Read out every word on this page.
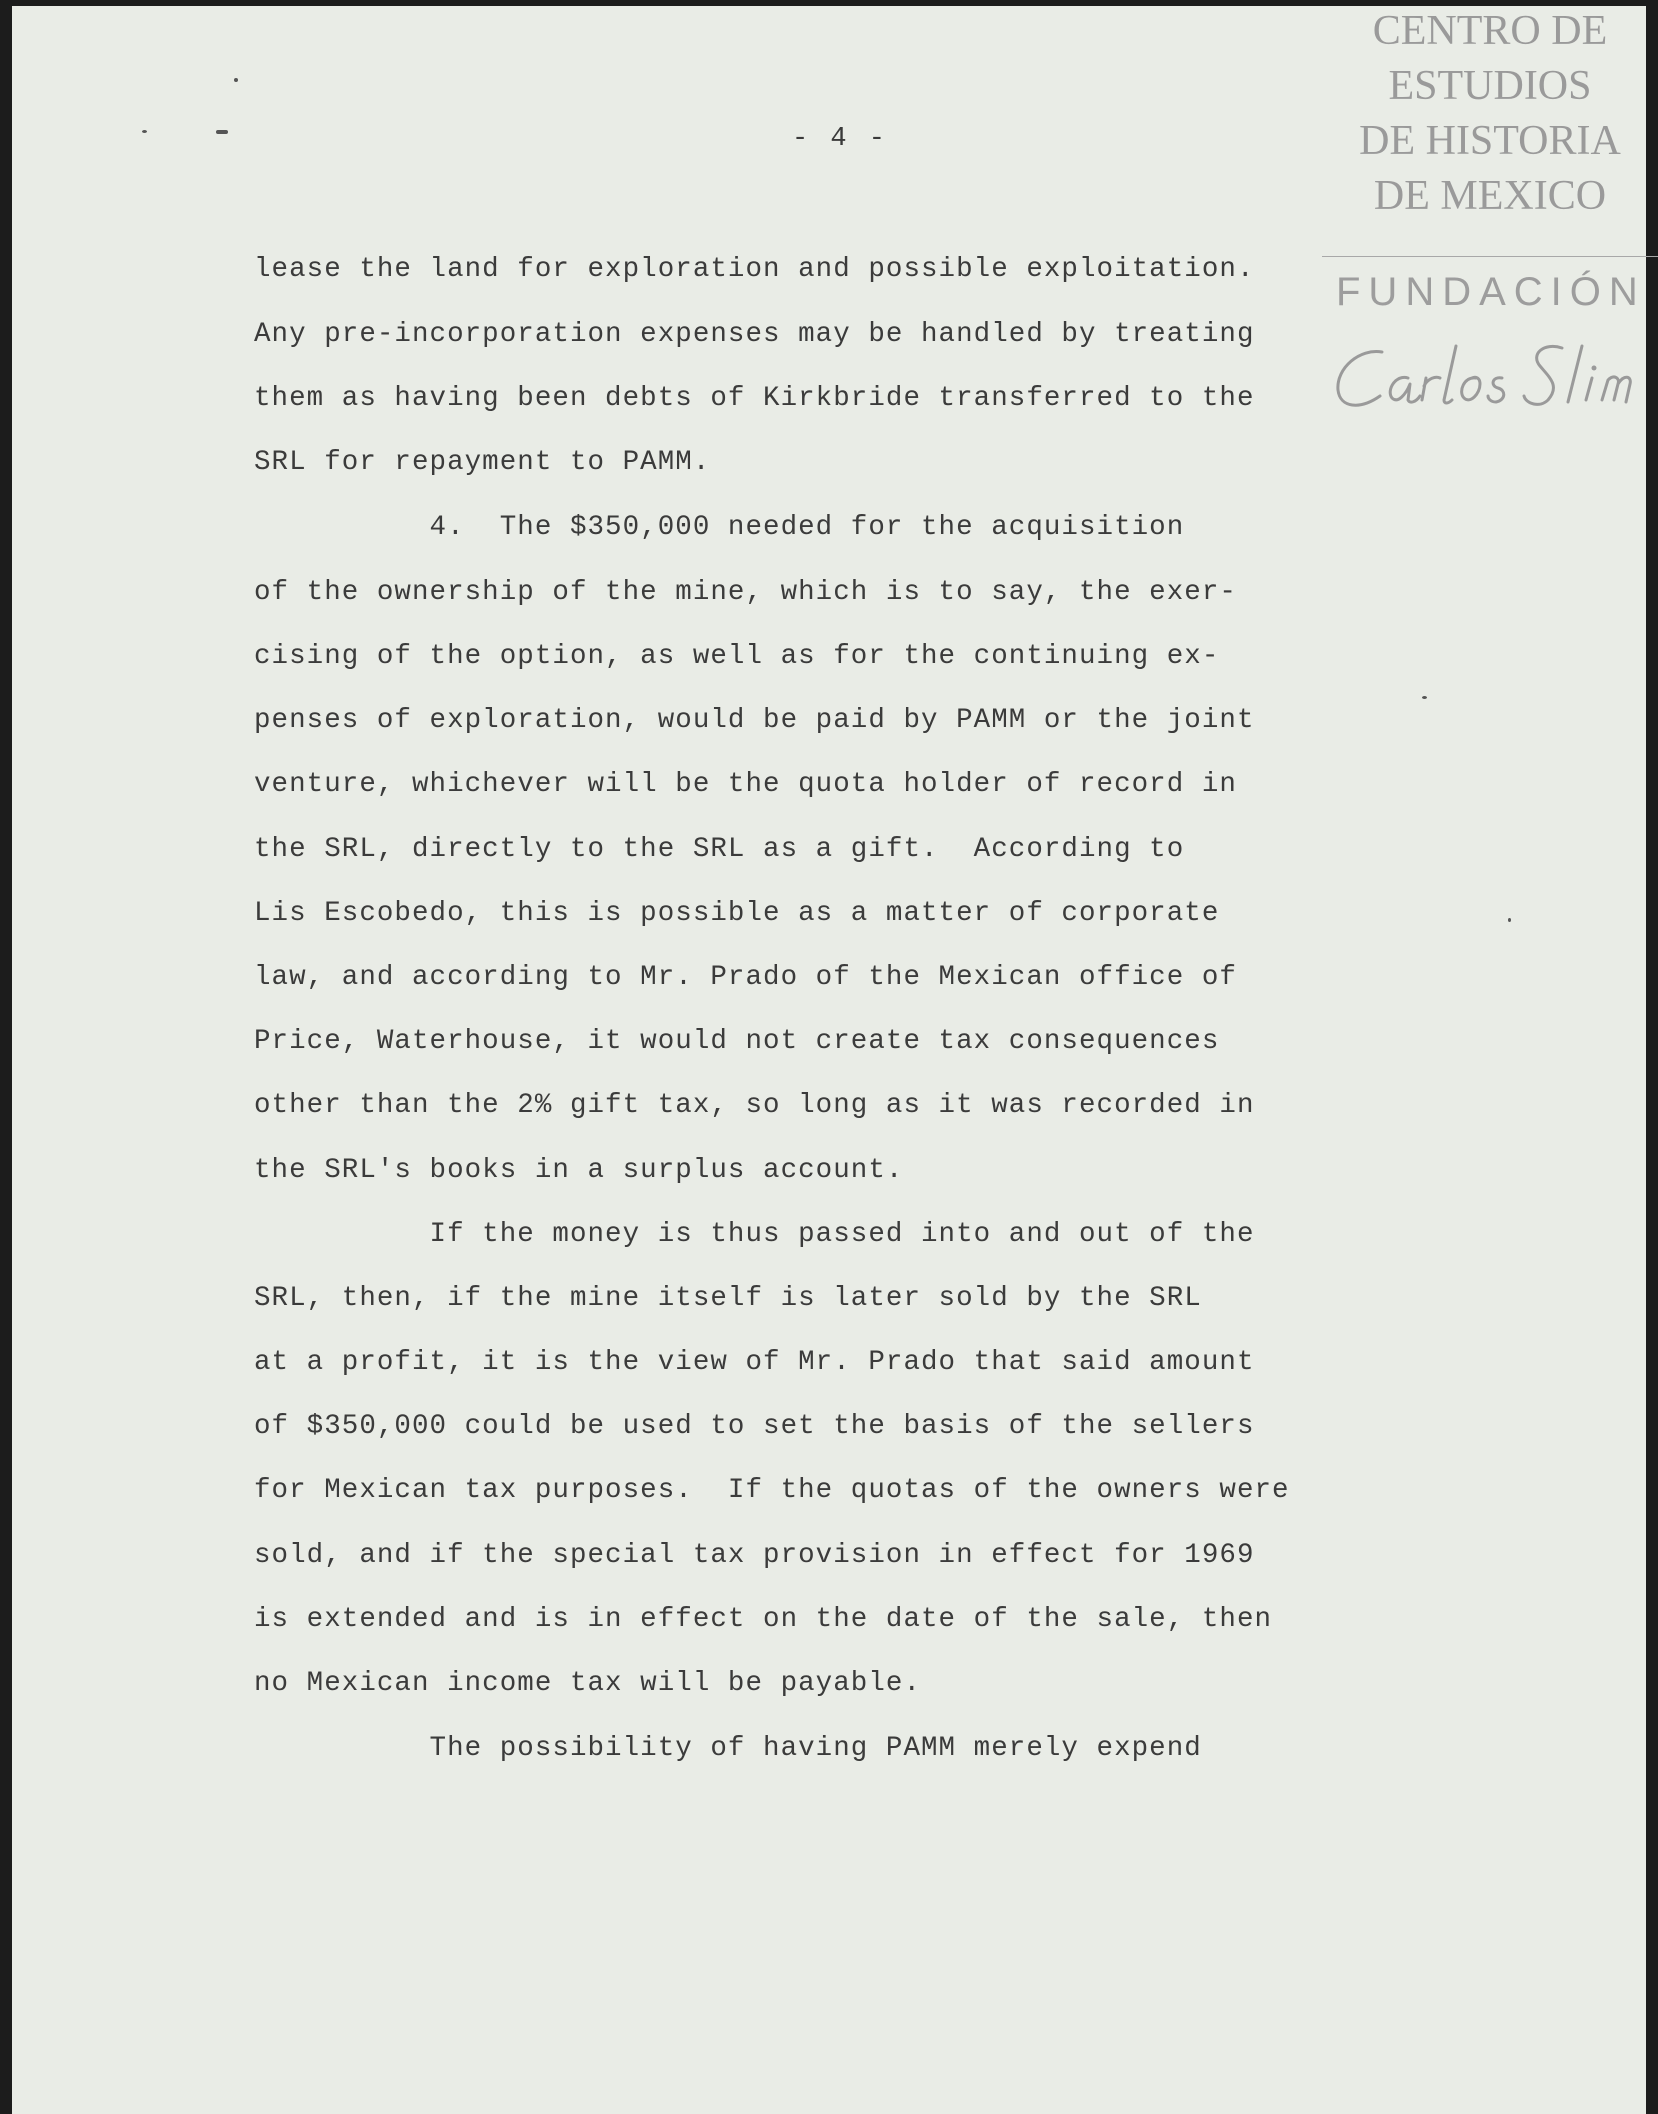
- 4 -
lease the land for exploration and possible exploitation.
Any pre-incorporation expenses may be handled by treating
them as having been debts of Kirkbride transferred to the
SRL for repayment to PAMM.
4.  The $350,000 needed for the acquisition
of the ownership of the mine, which is to say, the exer-
cising of the option, as well as for the continuing ex-
penses of exploration, would be paid by PAMM or the joint
venture, whichever will be the quota holder of record in
the SRL, directly to the SRL as a gift.  According to
Lis Escobedo, this is possible as a matter of corporate
law, and according to Mr. Prado of the Mexican office of
Price, Waterhouse, it would not create tax consequences
other than the 2% gift tax, so long as it was recorded in
the SRL's books in a surplus account.
If the money is thus passed into and out of the
SRL, then, if the mine itself is later sold by the SRL
at a profit, it is the view of Mr. Prado that said amount
of $350,000 could be used to set the basis of the sellers
for Mexican tax purposes.  If the quotas of the owners were
sold, and if the special tax provision in effect for 1969
is extended and is in effect on the date of the sale, then
no Mexican income tax will be payable.
The possibility of having PAMM merely expend
CENTRO DE
ESTUDIOS
DE HISTORIA
DE MEXICO
FUNDACIÓN
